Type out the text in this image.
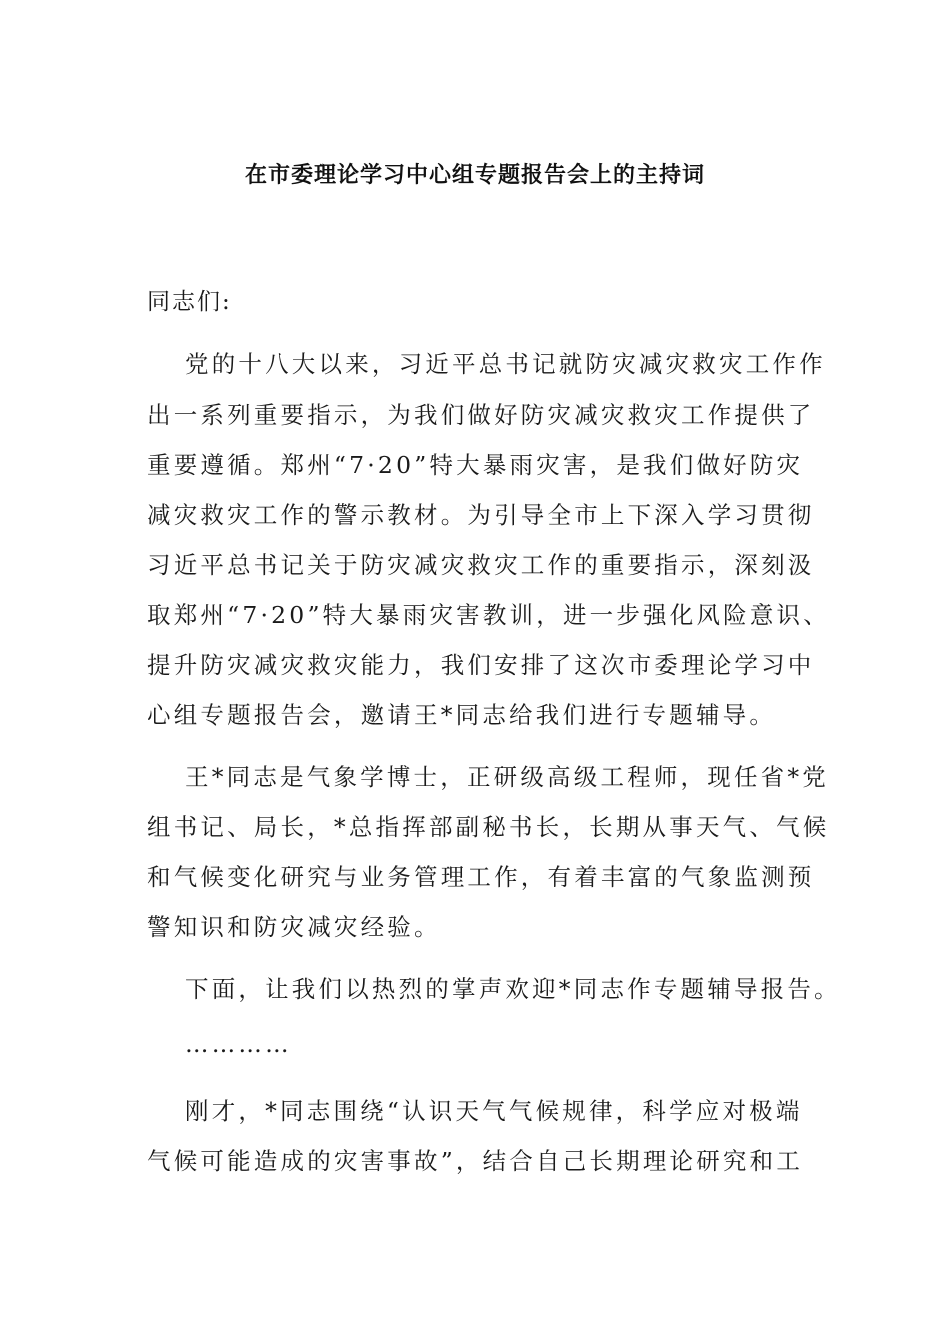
在市委理论学习中心组专题报告会上的主持词
同志们:
党的十八大以来，习近平总书记就防灾减灾救灾工作作
出一系列重要指示，为我们做好防灾减灾救灾工作提供了
重要遵循。郑州“7·20”特大暴雨灾害，是我们做好防灾
减灾救灾工作的警示教材。为引导全市上下深入学习贯彻
习近平总书记关于防灾减灾救灾工作的重要指示，深刻汲
取郑州“7·20”特大暴雨灾害教训，进一步强化风险意识、
提升防灾减灾救灾能力，我们安排了这次市委理论学习中
心组专题报告会，邀请王*同志给我们进行专题辅导。
王*同志是气象学博士，正研级高级工程师，现任省*党
组书记、局长，*总指挥部副秘书长，长期从事天气、气候
和气候变化研究与业务管理工作，有着丰富的气象监测预
警知识和防灾减灾经验。
下面，让我们以热烈的掌声欢迎*同志作专题辅导报告。
…………
刚才，*同志围绕“认识天气气候规律，科学应对极端
气候可能造成的灾害事故”，结合自己长期理论研究和工
